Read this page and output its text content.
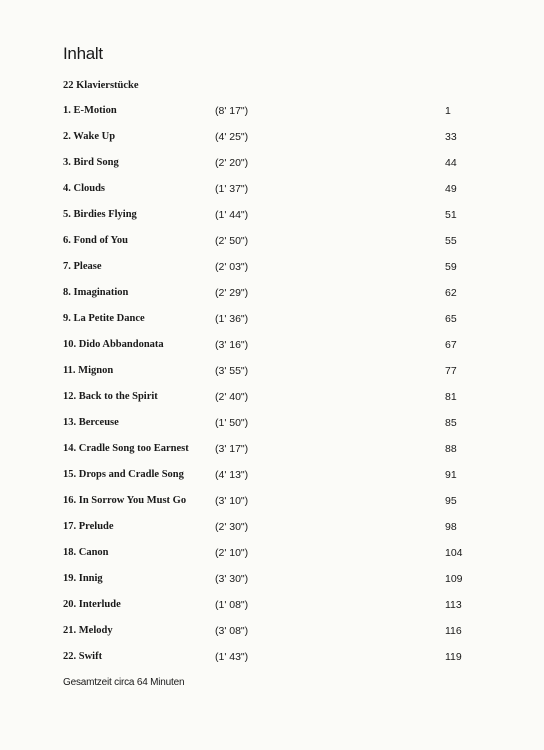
Inhalt
22 Klavierstücke
1. E-Motion	(8' 17")	1
2. Wake Up	(4' 25")	33
3. Bird Song	(2' 20")	44
4. Clouds	(1' 37")	49
5. Birdies Flying	(1' 44")	51
6. Fond of You	(2' 50")	55
7. Please	(2' 03")	59
8. Imagination	(2' 29")	62
9. La Petite Dance	(1' 36")	65
10. Dido Abbandonata	(3' 16")	67
11. Mignon	(3' 55")	77
12. Back to the Spirit	(2' 40")	81
13. Berceuse	(1' 50")	85
14. Cradle Song too Earnest	(3' 17")	88
15. Drops and Cradle Song	(4' 13")	91
16. In Sorrow You Must Go	(3' 10")	95
17. Prelude	(2' 30")	98
18. Canon	(2' 10")	104
19. Innig	(3' 30")	109
20. Interlude	(1' 08")	113
21. Melody	(3' 08")	116
22. Swift	(1' 43")	119
Gesamtzeit circa 64 Minuten
